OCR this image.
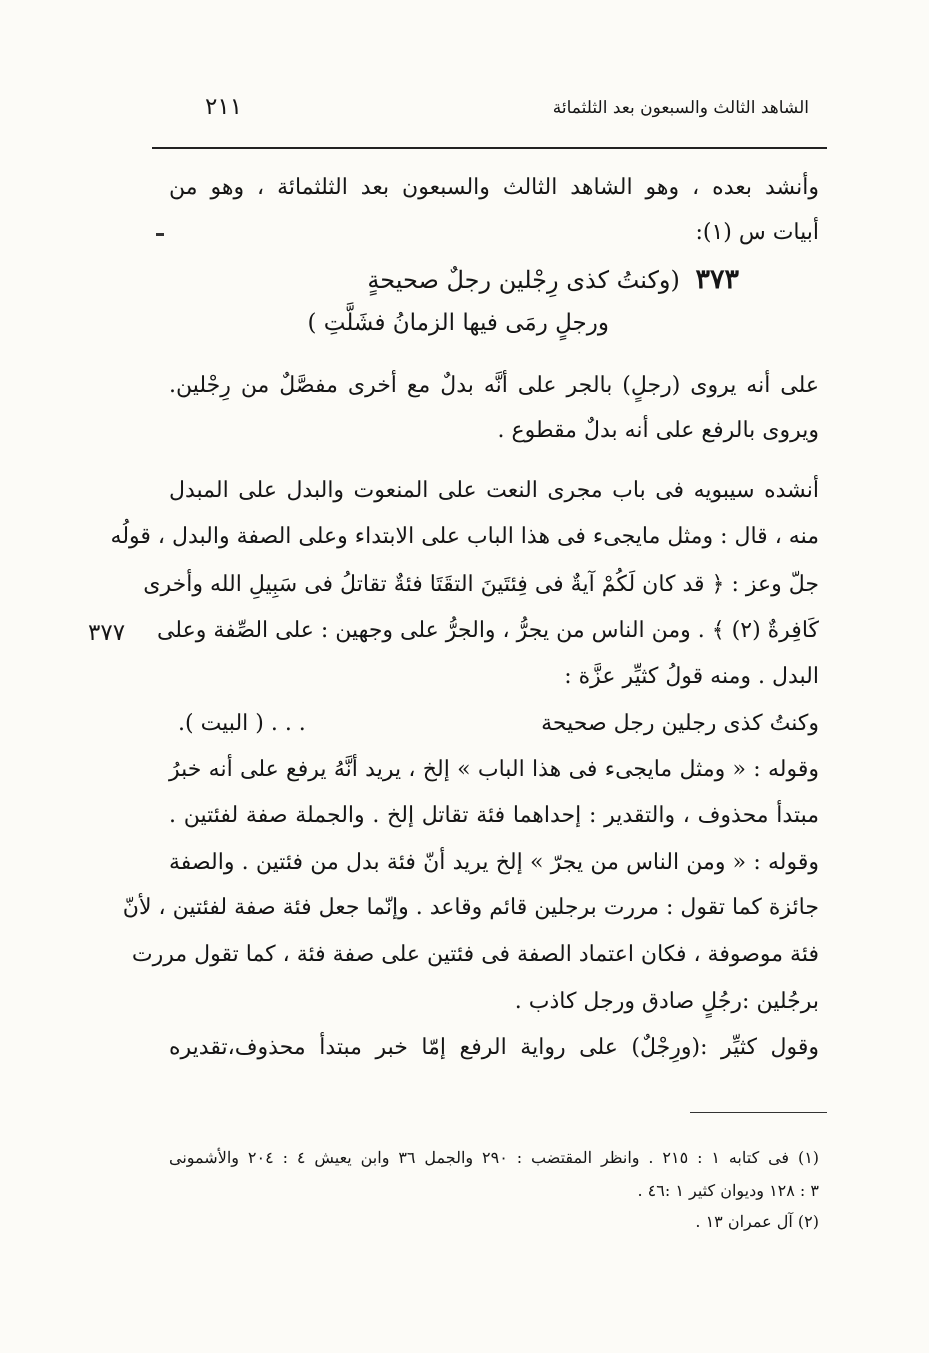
الشاهد الثالث والسبعون بعد الثلثمائة
٢١١
وأنشد بعده ، وهو الشاهد الثالث والسبعون بعد الثلثمائة ، وهو من
أبيات س (١):
٣٧٣ (وكنتُ كذى رِجْلين رجلٌ صحيحةٍ
ورجلٍ رمَى فيها الزمانُ فشَلَّتِ )
على أنه يروى (رجلٍ) بالجر على أنَّه بدلٌ مع أخرى مفصَّلٌ من رِجْلين.
ويروى بالرفع على أنه بدلٌ مقطوع .
أنشده سيبويه فى باب مجرى النعت على المنعوت والبدل على المبدل
منه ، قال : ومثل مايجىء فى هذا الباب على الابتداء وعلى الصفة والبدل ، قولُه
جلّ وعز : ﴿ قد كان لَكُمْ آيةٌ فى فِئتَينَ التقَتَا فئةٌ تقاتلُ فى سَبِيلِ الله وأخرى
كَافِرةٌ (٢) ﴾ . ومن الناس من يجرُّ ، والجرُّ على وجهين : على الصِّفة وعلى
البدل . ومنه قولُ كثيِّر عزَّة :
٣٧٧
وكنتُ كذى رجلين رجل صحيحة
. . . ( البيت ).
وقوله : « ومثل مايجىء فى هذا الباب » إلخ ، يريد أنَّهُ يرفع على أنه خبرُ
مبتدأ محذوف ، والتقدير : إحداهما فئة تقاتل إلخ . والجملة صفة لفئتين .
وقوله : « ومن الناس من يجرّ » إلخ يريد أنّ فئة بدل من فئتين . والصفة
جائزة كما تقول : مررت برجلين قائم وقاعد . وإنّما جعل فئة صفة لفئتين ، لأنّ
فئة موصوفة ، فكان اعتماد الصفة فى فئتين على صفة فئة ، كما تقول مررت
برجُلين :رجُلٍ صادق ورجل كاذب .
وقول كثيِّر :(ورِجْلٌ) على رواية الرفع إمّا خبر مبتدأ محذوف،تقديره
(١) فى كتابه ١ : ٢١٥ . وانظر المقتضب : ٢٩٠ والجمل ٣٦ وابن يعيش ٤ : ٢٠٤ والأشمونى
٣ : ١٢٨ وديوان كثير ١ :٤٦ .
(٢) آل عمران ١٣ .
